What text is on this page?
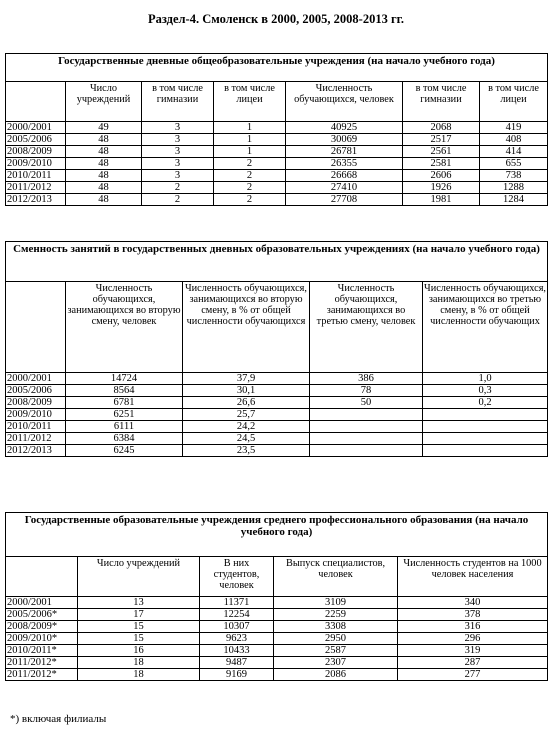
Раздел-4. Смоленск в 2000, 2005, 2008-2013 гг.
Государственные дневные общеобразовательные учреждения (на начало учебного года)						
	Число учреждений	в том числе гимназии	в том числе лицеи	Численность обучающихся, человек	в том числе гимназии	в том числе лицеи
2000/2001	49	3	1	40925	2068	419
2005/2006	48	3	1	30069	2517	408
2008/2009	48	3	1	26781	2561	414
2009/2010	48	3	2	26355	2581	655
2010/2011	48	3	2	26668	2606	738
2011/2012	48	2	2	27410	1926	1288
2012/2013	48	2	2	27708	1981	1284
Сменность занятий в государственных дневных образовательных учреждениях (на начало учебного года)				
	Численность обучающихся, занимающихся во вторую смену, человек	Численность обучающихся, занимающихся во вторую смену, в % от общей численности обучающихся	Численность обучающихся, занимающихся во третью смену, человек	Численность обучающихся, занимающихся во третью смену, в % от общей численности обучающих
2000/2001	14724	37,9	386	1,0
2005/2006	8564	30,1	78	0,3
2008/2009	6781	26,6	50	0,2
2009/2010	6251	25,7		
2010/2011	6111	24,2		
2011/2012	6384	24,5		
2012/2013	6245	23,5		
Государственные образовательные учреждения среднего профессионального образования (на начало учебного года)				
	Число учреждений	В них студентов, человек	Выпуск специалистов, человек	Численность студентов на 1000 человек населения
2000/2001	13	11371	3109	340
2005/2006*	17	12254	2259	378
2008/2009*	15	10307	3308	316
2009/2010*	15	9623	2950	296
2010/2011*	16	10433	2587	319
2011/2012*	18	9487	2307	287
2011/2012*	18	9169	2086	277
*) включая филиалы
